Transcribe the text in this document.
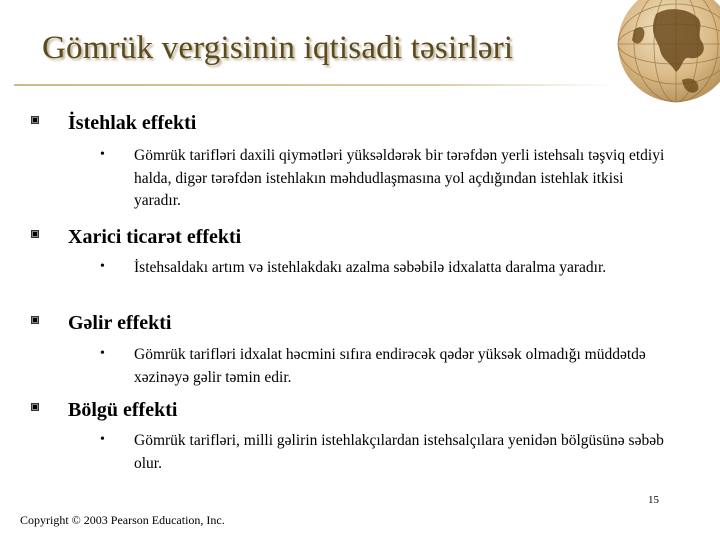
Gömrük vergisinin iqtisadi təsirləri
İstehlak effekti
• Gömrük tarifləri daxili qiymətləri yüksəldərək bir tərəfdən yerli istehsalı təşviq etdiyi halda, digər tərəfdən istehlakın məhdudlaşmasına yol açdığından istehlak itkisi yaradır.
Xarici ticarət effekti
• İstehsaldakı artım və istehlakdakı azalma səbəbilə idxalatta daralma yaradır.
Gəlir effekti
• Gömrük tarifləri idxalat həcmini sıfıra endirəcək qədər yüksək olmadığı müddətdə xəzinəyə gəlir təmin edir.
Bölgü effekti
• Gömrük tarifləri, milli gəlirin istehlakçılardan istehsalçılara yenidən bölgüsünə səbəb olur.
15
Copyright © 2003 Pearson Education, Inc.
